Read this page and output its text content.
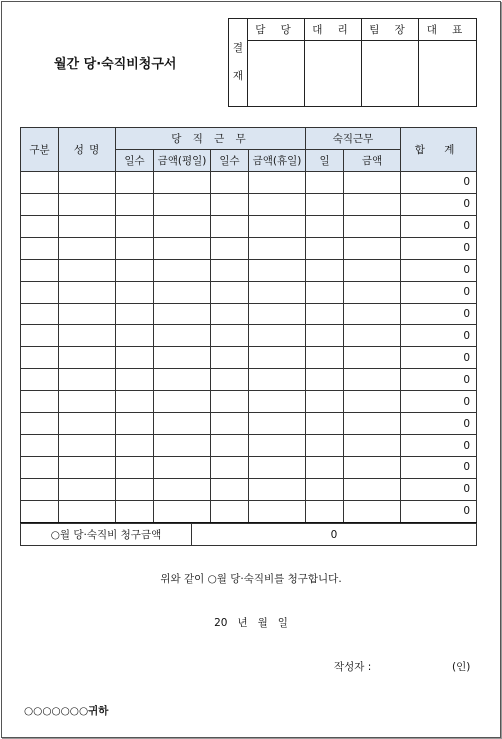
월간 당·숙직비청구서
결
재	담 당	대 리	팀 장	대 표

구분	성 명	당 직 근 무				숙직근무		합 계
		일수	금액(평일)	일수	금액(휴일)	일	금액	
								0
								0
								0
								0
								0
								0
								0
								0
								0
								0
								0
								0
								0
								0
								0
								0
○월 당·숙직비 청구금액	0
위와 같이 ○월 당·숙직비를 청구합니다.
20   년   월   일
작성자 :	(인)
○○○○○○○귀하
